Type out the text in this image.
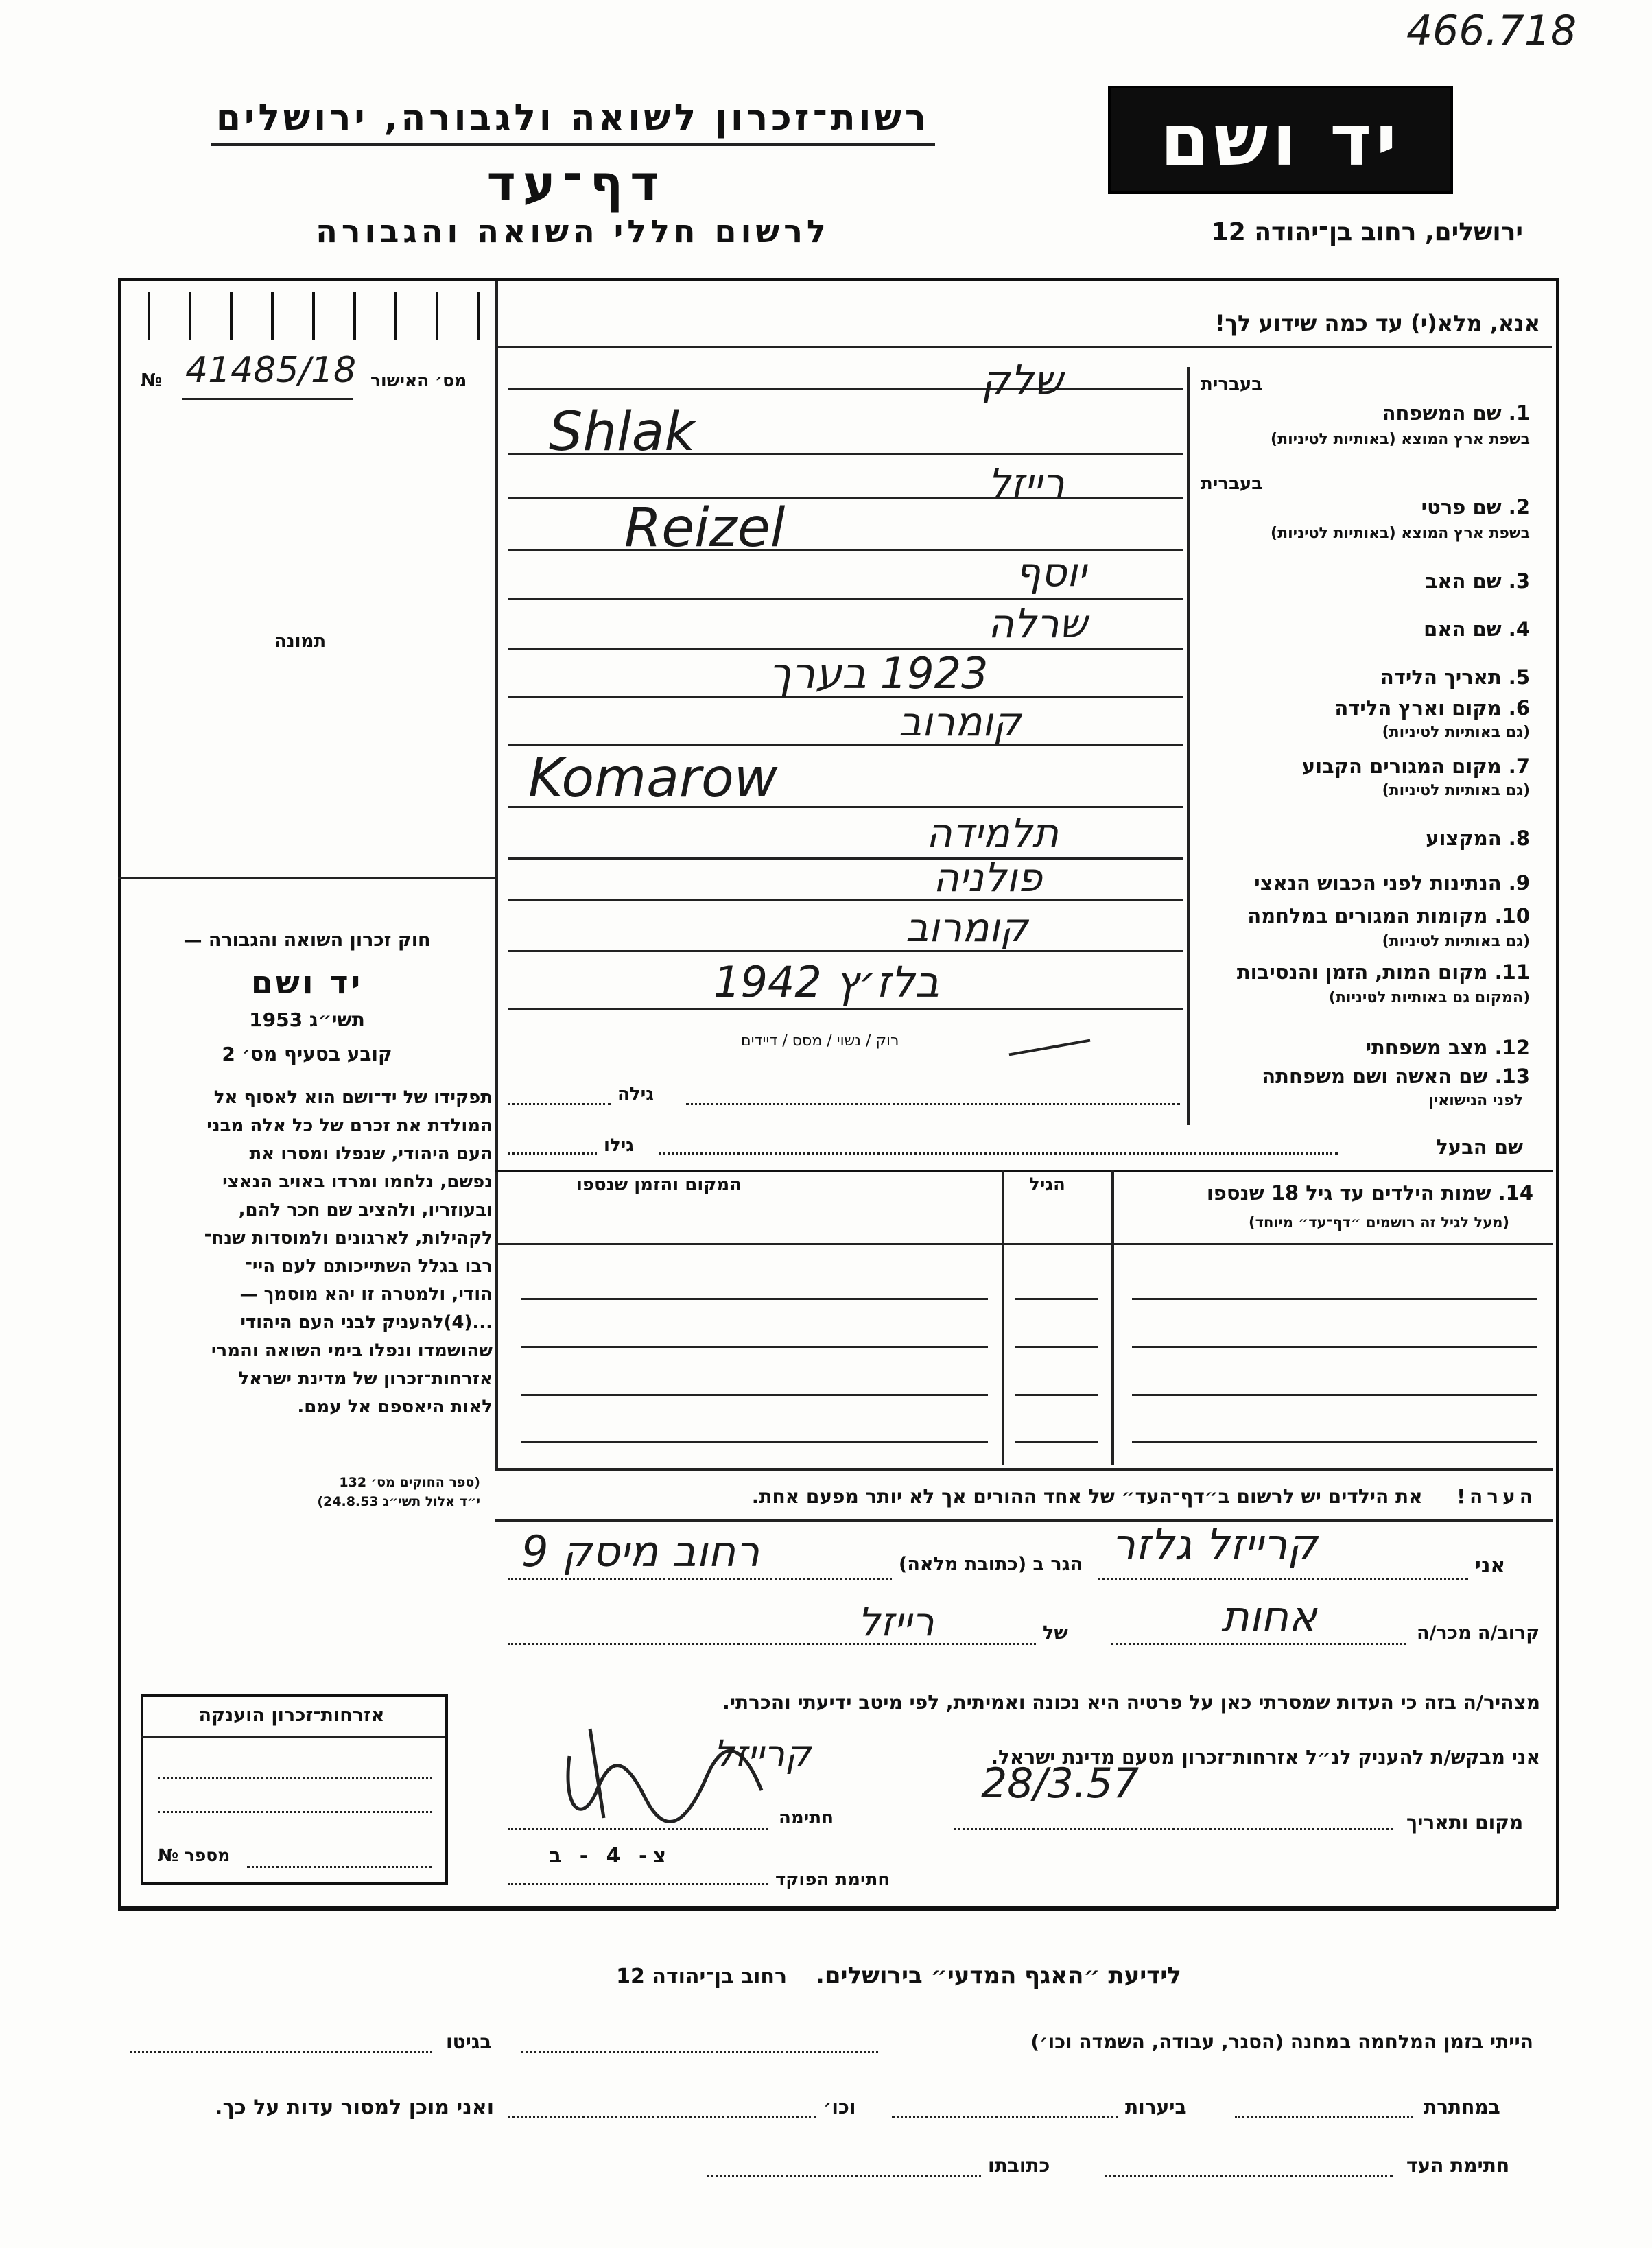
466.718
יד ושם
רשות־זכרון לשואה ולגבורה, ירושלים
דף־עד
לרשום חללי השואה והגבורה	ירושלים, רחוב בן־יהודה 12
אנא, מלא(י) עד כמה שידוע לך!
מס׳ האישור
41485/18
№
תמונה
בעברית
בעברית
1. שם המשפחה
בשפת ארץ המוצא (באותיות לטיניות)
שלק
Shlak
2. שם פרטי
בשפת ארץ המוצא (באותיות לטיניות)
רייזל
Reizel
3. שם האב
יוסף
4. שם האם
שרלה
5. תאריך הלידה
1923 בערך
6. מקום וארץ הלידה
(גם באותיות לטיניות)
קומרוב
7. מקום המגורים הקבוע
(גם באותיות לטיניות)
Komarow
8. המקצוע
תלמידה
9. הנתינות לפני הכבוש הנאצי
פולניה
10. מקומות המגורים במלחמה
(גם באותיות לטיניות)
קומרוב
11. מקום המות, הזמן והנסיבות
(המקום גם באותיות לטיניות)
בלז׳ץ 1942
12. מצב משפחתי
רוק / נשוי / מסס / דיידים
13. שם האשה ושם משפחתה
לפני הנישואין
גילה
שם הבעל
גילו
14. שמות הילדים עד גיל 18 שנספו
(מעל לגיל זה רושמים ״דף־עד״ מיוחד)
הגיל
המקום והזמן שנספו
חוק זכרון השואה והגבורה —
יד ושם
תשי״ג 1953
קובע בסעיף מס׳ 2
תפקידו של יד־ושם הוא לאסוף אל
המולדת את זכרם של כל אלה מבני
העם היהודי, שנפלו ומסרו את
נפשם, נלחמו ומרדו באויב הנאצי
ובעוזריו, ולהציב שם חכר להם,
לקהילות, לארגונים ולמוסדות שנח־
רבו בגלל השתייכותם לעם היי־
הודי, ולמטרה זו יהא מוסמך —
...(4)להעניק לבני העם היהודי
שהושמדו ונפלו בימי השואה והמרי
אזרחות־זכרון של מדינת ישראל
לאות היאספם אל עמם.
(ספר החוקים מס׳ 132
י״ד אלול תשי״ג 24.8.53)	הערה! את הילדים יש לרשום ב״דף־העד״ של אחד ההורים אך לא יותר מפעם אחת.
אני
קרייזל גלזר
הגר ב (כתובת מלאה)
רחוב מיסק 9
קרוב/ה מכר/ה
אחות
של
רייזל
מצהיר/ה בזה כי העדות שמסרתי כאן על פרטיה היא נכונה ואמיתית, לפי מיטב ידיעתי והכרתי.
אני מבקש/ת להעניק לנ״ל אזרחות־זכרון מטעם מדינת ישראל.
חתימה
קרייזל
מקום ותאריך
28/3.57
חתימת הפוקד
צ- 4 - ב
אזרחות־זכרון הוענקה
מספר №
לידיעת ״האגף המדעי״ בירושלים. רחוב בן־יהודה 12
הייתי בזמן המלחמה במחנה (הסגר, עבודה, השמדה וכו׳)
בגיטו
במחתרת
ביערות
וכו׳
ואני מוכן למסור עדות על כך.
חתימת העד
כתובתו
